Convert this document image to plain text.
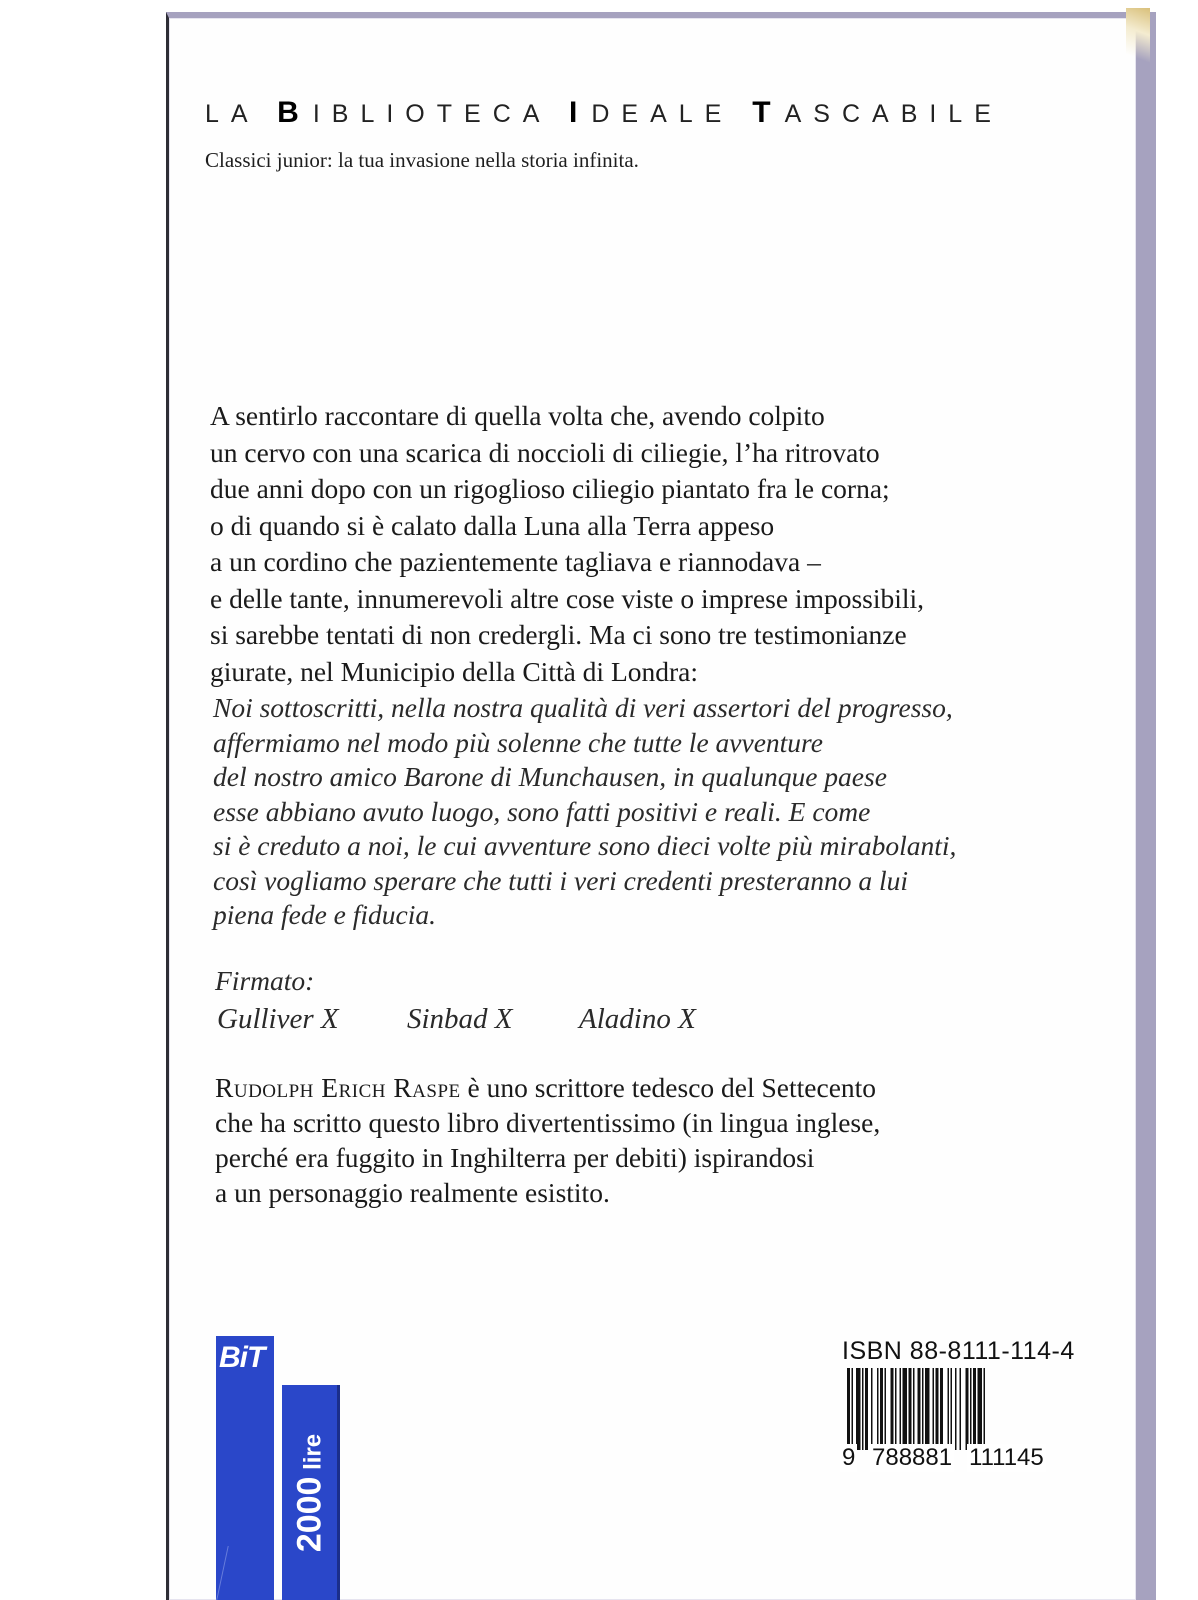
LA BIBLIOTECA IDEALE TASCABILE
Classici junior: la tua invasione nella storia infinita.
A sentirlo raccontare di quella volta che, avendo colpito
un cervo con una scarica di noccioli di ciliegie, l’ha ritrovato
due anni dopo con un rigoglioso ciliegio piantato fra le corna;
o di quando si è calato dalla Luna alla Terra appeso
a un cordino che pazientemente tagliava e riannodava –
e delle tante, innumerevoli altre cose viste o imprese impossibili,
si sarebbe tentati di non credergli. Ma ci sono tre testimonianze
giurate, nel Municipio della Città di Londra:
Noi sottoscritti, nella nostra qualità di veri assertori del progresso,
affermiamo nel modo più solenne che tutte le avventure
del nostro amico Barone di Munchausen, in qualunque paese
esse abbiano avuto luogo, sono fatti positivi e reali. E come
si è creduto a noi, le cui avventure sono dieci volte più mirabolanti,
così vogliamo sperare che tutti i veri credenti presteranno a lui
piena fede e fiducia.
Firmato:
Gulliver X Sinbad X Aladino X
Rudolph Erich Raspe è uno scrittore tedesco del Settecento
che ha scritto questo libro divertentissimo (in lingua inglese,
perché era fuggito in Inghilterra per debiti) ispirandosi
a un personaggio realmente esistito.
BiT
2000 lire
ISBN 88-8111-114-4
9 788881 111145
